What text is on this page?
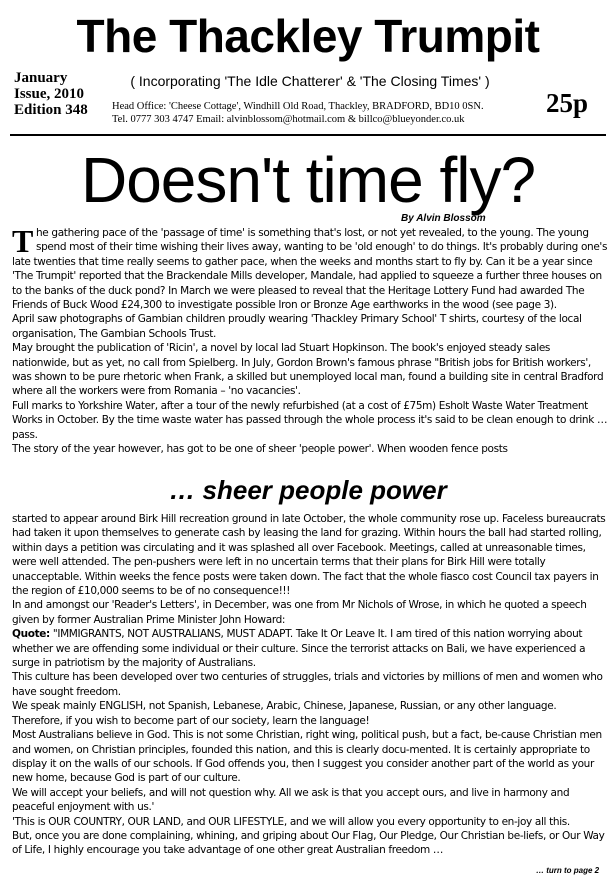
The Thackley Trumpit
January
Issue, 2010
Edition 348
( Incorporating 'The Idle Chatterer' & 'The Closing Times' )
Head Office: 'Cheese Cottage', Windhill Old Road, Thackley, BRADFORD, BD10 0SN.
Tel. 0777 303 4747 Email: alvinblossom@hotmail.com & billco@blueyonder.co.uk
25p
Doesn't time fly?
By Alvin Blossom

The gathering pace of the 'passage of time' is something that's lost, or not yet revealed, to the young. The young spend most of their time wishing their lives away, wanting to be 'old enough' to do things. It's probably during one's late twenties that time really seems to gather pace, when the weeks and months start to fly by. Can it be a year since 'The Trumpit' reported that the Brackendale Mills developer, Mandale, had applied to squeeze a further three houses on to the banks of the duck pond? In March we were pleased to reveal that the Heritage Lottery Fund had awarded The Friends of Buck Wood £24,300 to investigate possible Iron or Bronze Age earthworks in the wood (see page 3).

April saw photographs of Gambian children proudly wearing 'Thackley Primary School' T shirts, courtesy of the local organisation, The Gambian Schools Trust.

May brought the publication of 'Ricin', a novel by local lad Stuart Hopkinson. The book's enjoyed steady sales nationwide, but as yet, no call from Spielberg. In July, Gordon Brown's famous phrase "British jobs for British workers', was shown to be pure rhetoric when Frank, a skilled but unemployed local man, found a building site in central Bradford where all the workers were from Romania – 'no vacancies'.

Full marks to Yorkshire Water, after a tour of the newly refurbished (at a cost of £75m) Esholt Waste Water Treatment Works in October. By the time waste water has passed through the whole process it's said to be clean enough to drink … pass.

The story of the year however, has got to be one of sheer 'people power'. When wooden fence posts

… sheer people power

started to appear around Birk Hill recreation ground in late October, the whole community rose up. Faceless bureaucrats had taken it upon themselves to generate cash by leasing the land for grazing. Within hours the ball had started rolling, within days a petition was circulating and it was splashed all over Facebook. Meetings, called at unreasonable times, were well attended. The pen-pushers were left in no uncertain terms that their plans for Birk Hill were totally unacceptable. Within weeks the fence posts were taken down. The fact that the whole fiasco cost Council tax payers in the region of £10,000 seems to be of no consequence!!!

In and amongst our 'Reader's Letters', in December, was one from Mr Nichols of Wrose, in which he quoted a speech given by former Australian Prime Minister John Howard:

Quote: "IMMIGRANTS, NOT AUSTRALIANS, MUST ADAPT. Take It Or Leave It. I am tired of this nation worrying about whether we are offending some individual or their culture. Since the terrorist attacks on Bali, we have experienced a surge in patriotism by the majority of Australians.

This culture has been developed over two centuries of struggles, trials and victories by millions of men and women who have sought freedom.

We speak mainly ENGLISH, not Spanish, Lebanese, Arabic, Chinese, Japanese, Russian, or any other language. Therefore, if you wish to become part of our society, learn the language!

Most Australians believe in God. This is not some Christian, right wing, political push, but a fact, be-cause Christian men and women, on Christian principles, founded this nation, and this is clearly docu-mented. It is certainly appropriate to display it on the walls of our schools. If God offends you, then I suggest you consider another part of the world as your new home, because God is part of our culture.

We will accept your beliefs, and will not question why. All we ask is that you accept ours, and live in harmony and peaceful enjoyment with us.'

'This is OUR COUNTRY, OUR LAND, and OUR LIFESTYLE, and we will allow you every opportunity to en-joy all this.

But, once you are done complaining, whining, and griping about Our Flag, Our Pledge, Our Christian be-liefs, or Our Way of Life, I highly encourage you take advantage of one other great Australian freedom …

… turn to page 2
